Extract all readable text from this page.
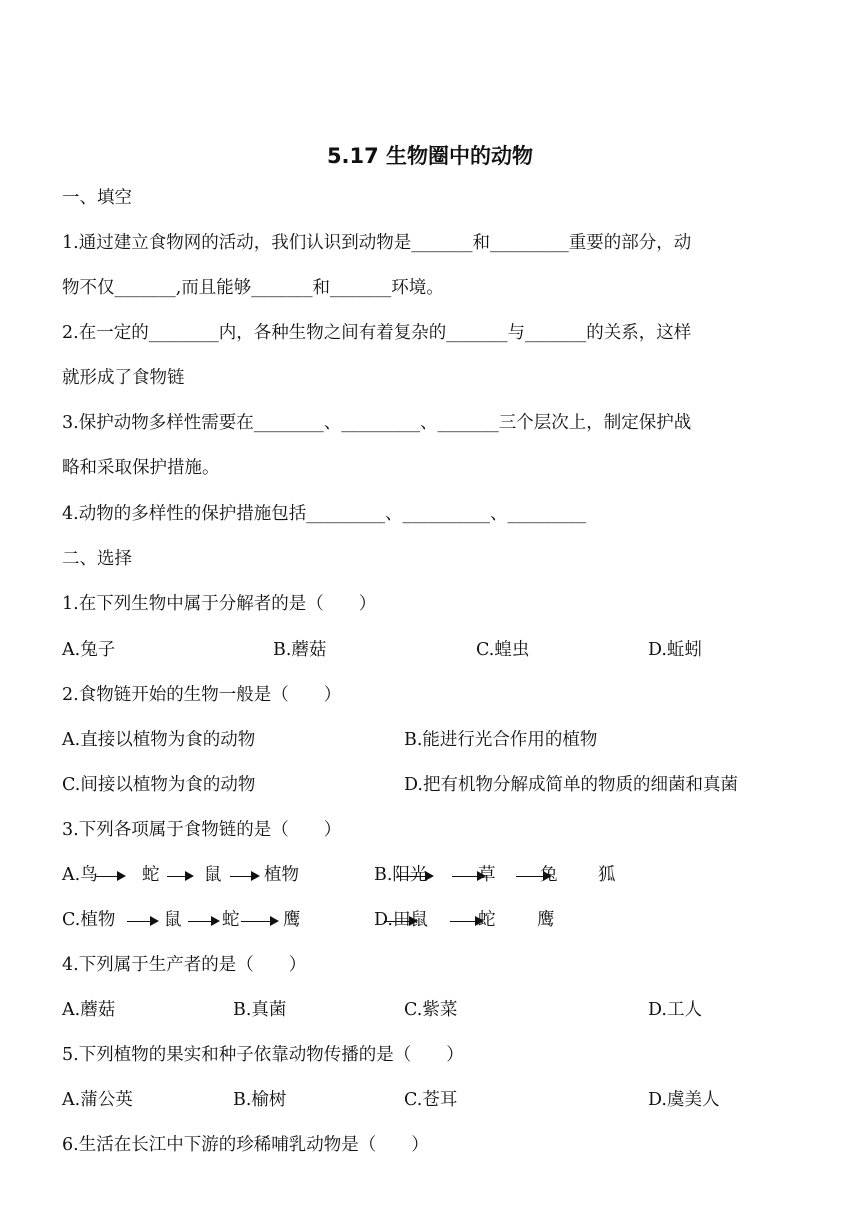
5.17 生物圈中的动物
一、填空
1.通过建立食物网的活动，我们认识到动物是_______和_________重要的部分，动
物不仅_______,而且能够_______和_______环境。
2.在一定的________内，各种生物之间有着复杂的_______与_______的关系，这样
就形成了食物链
3.保护动物多样性需要在________、_________、_______三个层次上，制定保护战
略和采取保护措施。
4.动物的多样性的保护措施包括_________、__________、_________
二、选择
1.在下列生物中属于分解者的是（　　）
A.兔子	B.蘑菇	C.蝗虫	D.蚯蚓
2.食物链开始的生物一般是（　　）
A.直接以植物为食的动物	B.能进行光合作用的植物
C.间接以植物为食的动物	D.把有机物分解成简单的物质的细菌和真菌
3.下列各项属于食物链的是（　　）
A.鸟	蛇	鼠 植物	B.阳光	草	兔 狐
C.植物	鼠 蛇 鹰	D.田鼠	蛇 鹰
4.下列属于生产者的是（　　）
A.蘑菇	B.真菌	C.紫菜	D.工人
5.下列植物的果实和种子依靠动物传播的是（　　）
A.蒲公英	B.榆树	C.苍耳	D.虞美人
6.生活在长江中下游的珍稀哺乳动物是（　　）
